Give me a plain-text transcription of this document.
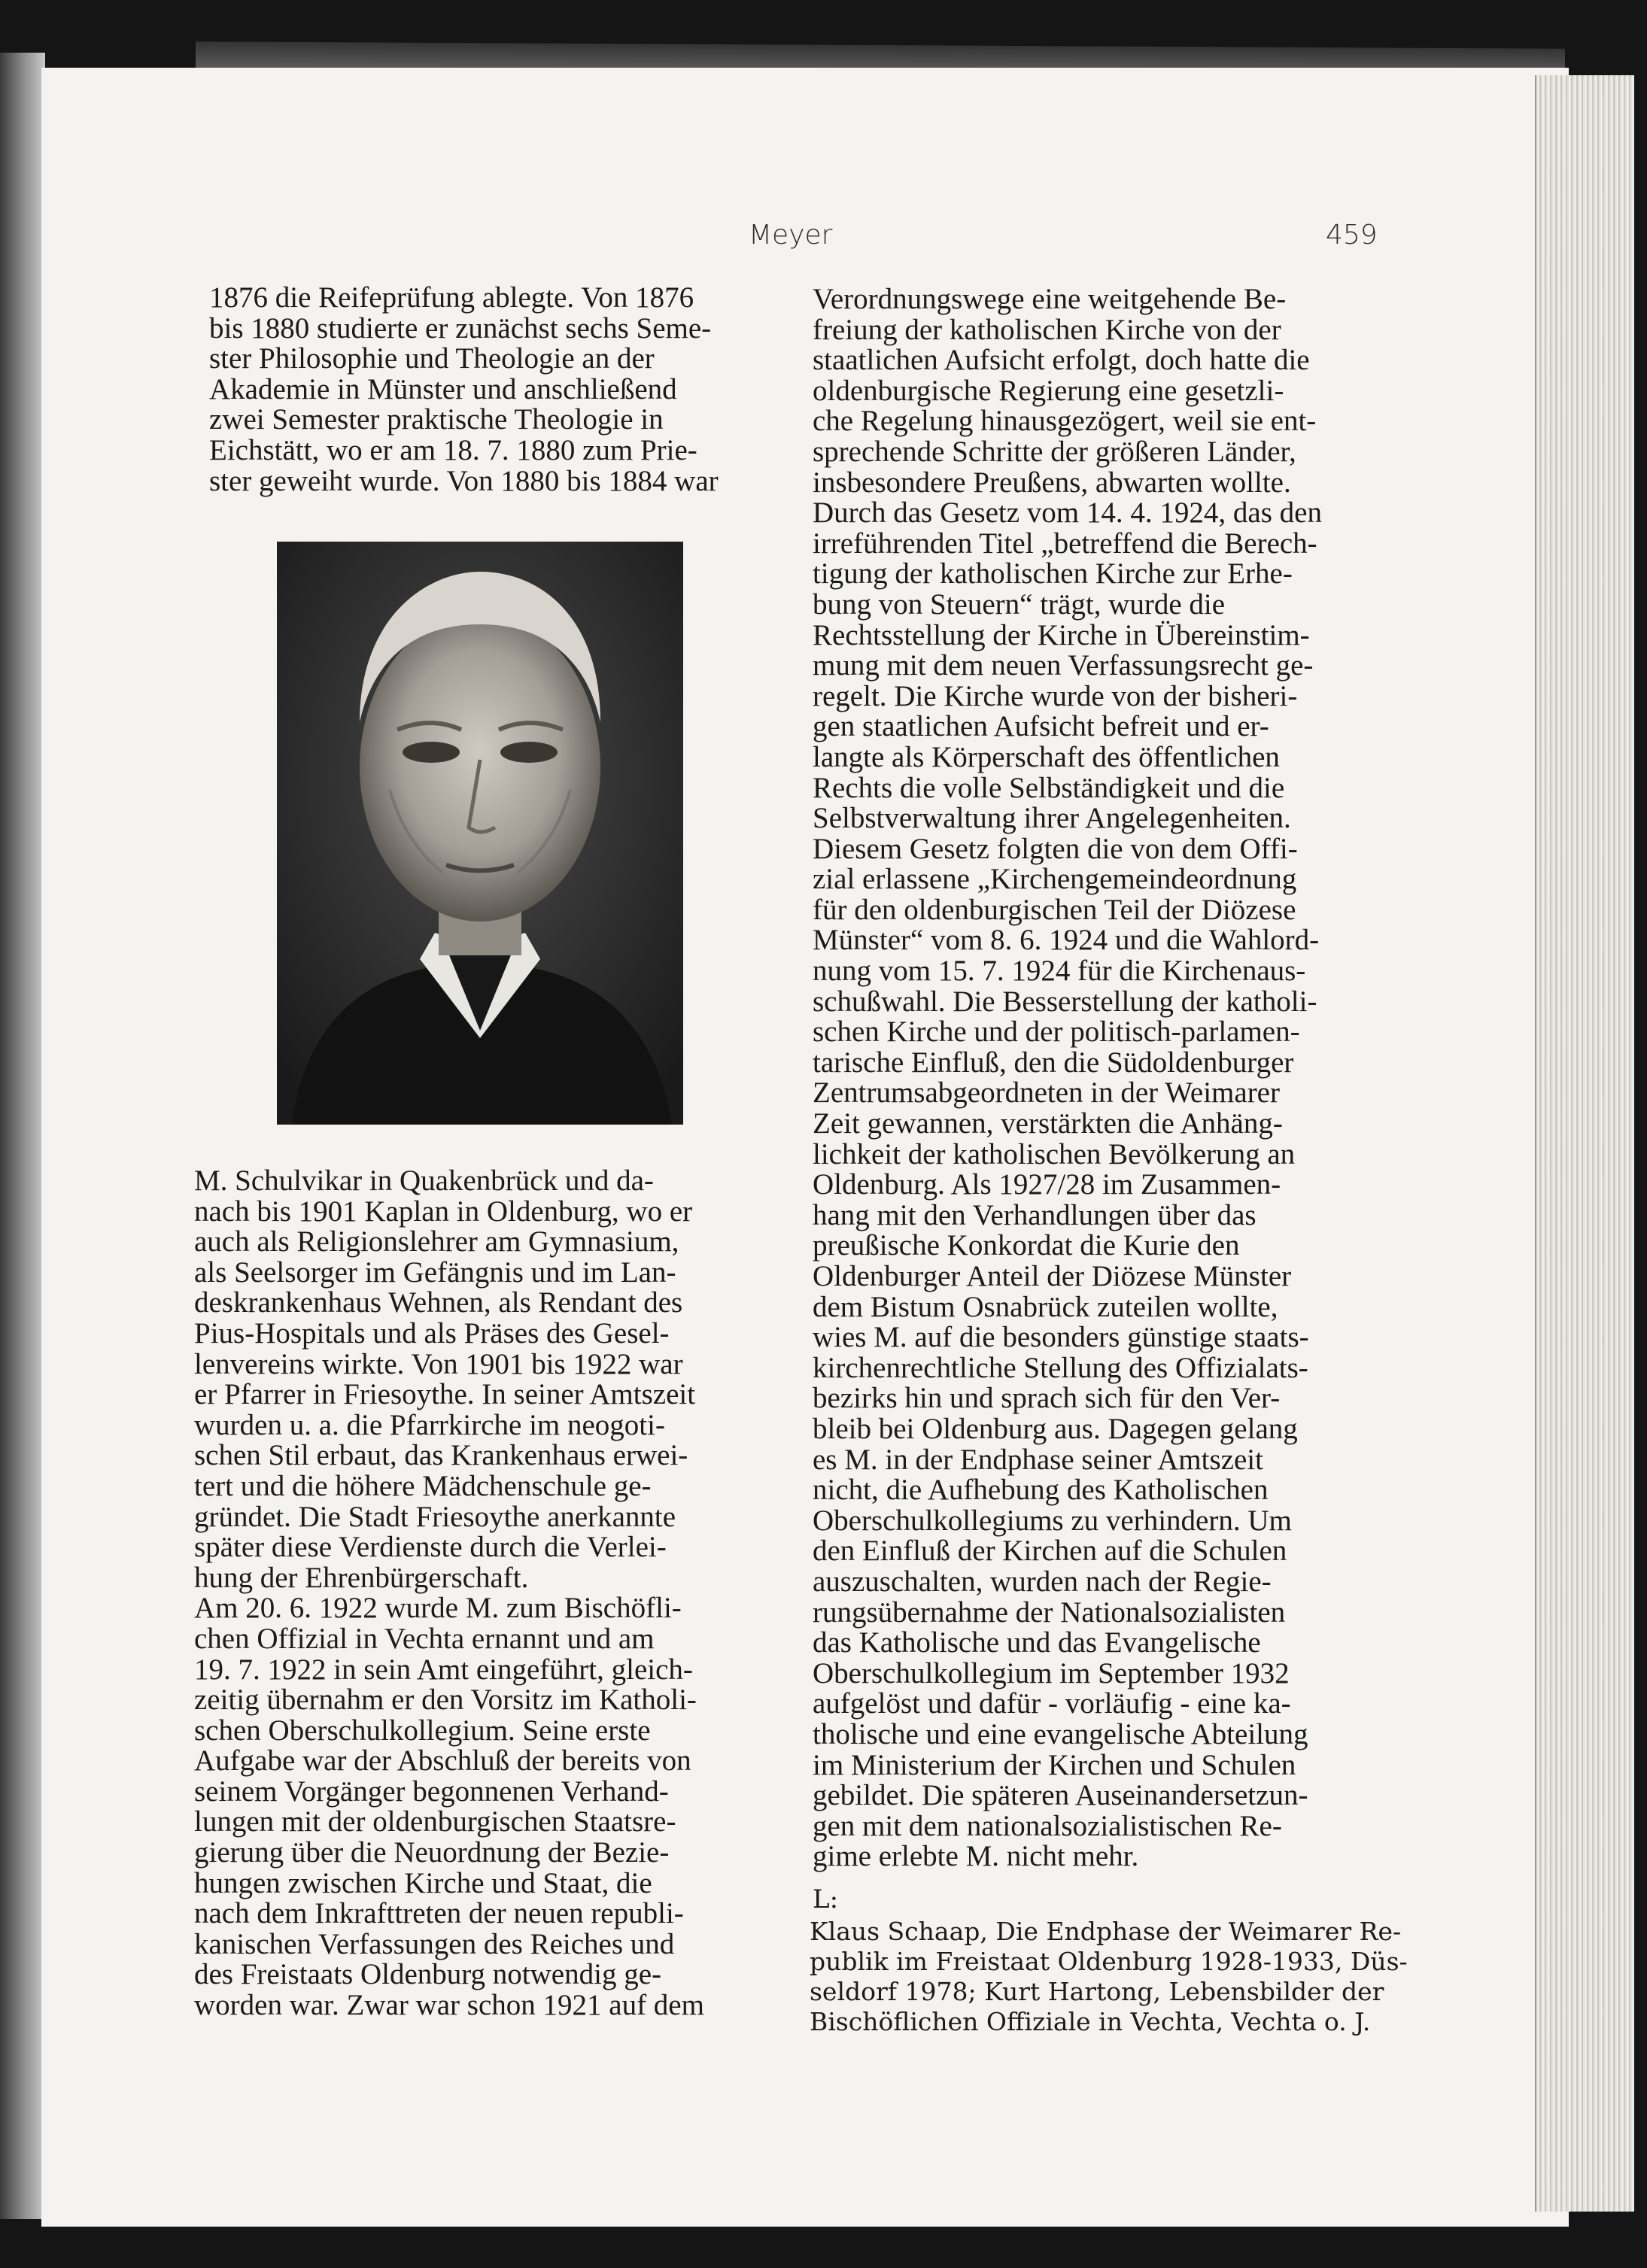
Meyer	459
1876 die Reifeprüfung ablegte. Von 1876
bis 1880 studierte er zunächst sechs Seme-
ster Philosophie und Theologie an der
Akademie in Münster und anschließend
zwei Semester praktische Theologie in
Eichstätt, wo er am 18. 7. 1880 zum Prie-
ster geweiht wurde. Von 1880 bis 1884 war
M. Schulvikar in Quakenbrück und da-
nach bis 1901 Kaplan in Oldenburg, wo er
auch als Religionslehrer am Gymnasium,
als Seelsorger im Gefängnis und im Lan-
deskrankenhaus Wehnen, als Rendant des
Pius-Hospitals und als Präses des Gesel-
lenvereins wirkte. Von 1901 bis 1922 war
er Pfarrer in Friesoythe. In seiner Amtszeit
wurden u. a. die Pfarrkirche im neogoti-
schen Stil erbaut, das Krankenhaus erwei-
tert und die höhere Mädchenschule ge-
gründet. Die Stadt Friesoythe anerkannte
später diese Verdienste durch die Verlei-
hung der Ehrenbürgerschaft.
Am 20. 6. 1922 wurde M. zum Bischöfli-
chen Offizial in Vechta ernannt und am
19. 7. 1922 in sein Amt eingeführt, gleich-
zeitig übernahm er den Vorsitz im Katholi-
schen Oberschulkollegium. Seine erste
Aufgabe war der Abschluß der bereits von
seinem Vorgänger begonnenen Verhand-
lungen mit der oldenburgischen Staatsre-
gierung über die Neuordnung der Bezie-
hungen zwischen Kirche und Staat, die
nach dem Inkrafttreten der neuen republi-
kanischen Verfassungen des Reiches und
des Freistaats Oldenburg notwendig ge-
worden war. Zwar war schon 1921 auf dem
Verordnungswege eine weitgehende Be-
freiung der katholischen Kirche von der
staatlichen Aufsicht erfolgt, doch hatte die
oldenburgische Regierung eine gesetzli-
che Regelung hinausgezögert, weil sie ent-
sprechende Schritte der größeren Länder,
insbesondere Preußens, abwarten wollte.
Durch das Gesetz vom 14. 4. 1924, das den
irreführenden Titel „betreffend die Berech-
tigung der katholischen Kirche zur Erhe-
bung von Steuern“ trägt, wurde die
Rechtsstellung der Kirche in Übereinstim-
mung mit dem neuen Verfassungsrecht ge-
regelt. Die Kirche wurde von der bisheri-
gen staatlichen Aufsicht befreit und er-
langte als Körperschaft des öffentlichen
Rechts die volle Selbständigkeit und die
Selbstverwaltung ihrer Angelegenheiten.
Diesem Gesetz folgten die von dem Offi-
zial erlassene „Kirchengemeindeordnung
für den oldenburgischen Teil der Diözese
Münster“ vom 8. 6. 1924 und die Wahlord-
nung vom 15. 7. 1924 für die Kirchenaus-
schußwahl. Die Besserstellung der katholi-
schen Kirche und der politisch-parlamen-
tarische Einfluß, den die Südoldenburger
Zentrumsabgeordneten in der Weimarer
Zeit gewannen, verstärkten die Anhäng-
lichkeit der katholischen Bevölkerung an
Oldenburg. Als 1927/28 im Zusammen-
hang mit den Verhandlungen über das
preußische Konkordat die Kurie den
Oldenburger Anteil der Diözese Münster
dem Bistum Osnabrück zuteilen wollte,
wies M. auf die besonders günstige staats-
kirchenrechtliche Stellung des Offizialats-
bezirks hin und sprach sich für den Ver-
bleib bei Oldenburg aus. Dagegen gelang
es M. in der Endphase seiner Amtszeit
nicht, die Aufhebung des Katholischen
Oberschulkollegiums zu verhindern. Um
den Einfluß der Kirchen auf die Schulen
auszuschalten, wurden nach der Regie-
rungsübernahme der Nationalsozialisten
das Katholische und das Evangelische
Oberschulkollegium im September 1932
aufgelöst und dafür - vorläufig - eine ka-
tholische und eine evangelische Abteilung
im Ministerium der Kirchen und Schulen
gebildet. Die späteren Auseinandersetzun-
gen mit dem nationalsozialistischen Re-
gime erlebte M. nicht mehr.
L:
Klaus Schaap, Die Endphase der Weimarer Re-
publik im Freistaat Oldenburg 1928-1933, Düs-
seldorf 1978; Kurt Hartong, Lebensbilder der
Bischöflichen Offiziale in Vechta, Vechta o. J.
